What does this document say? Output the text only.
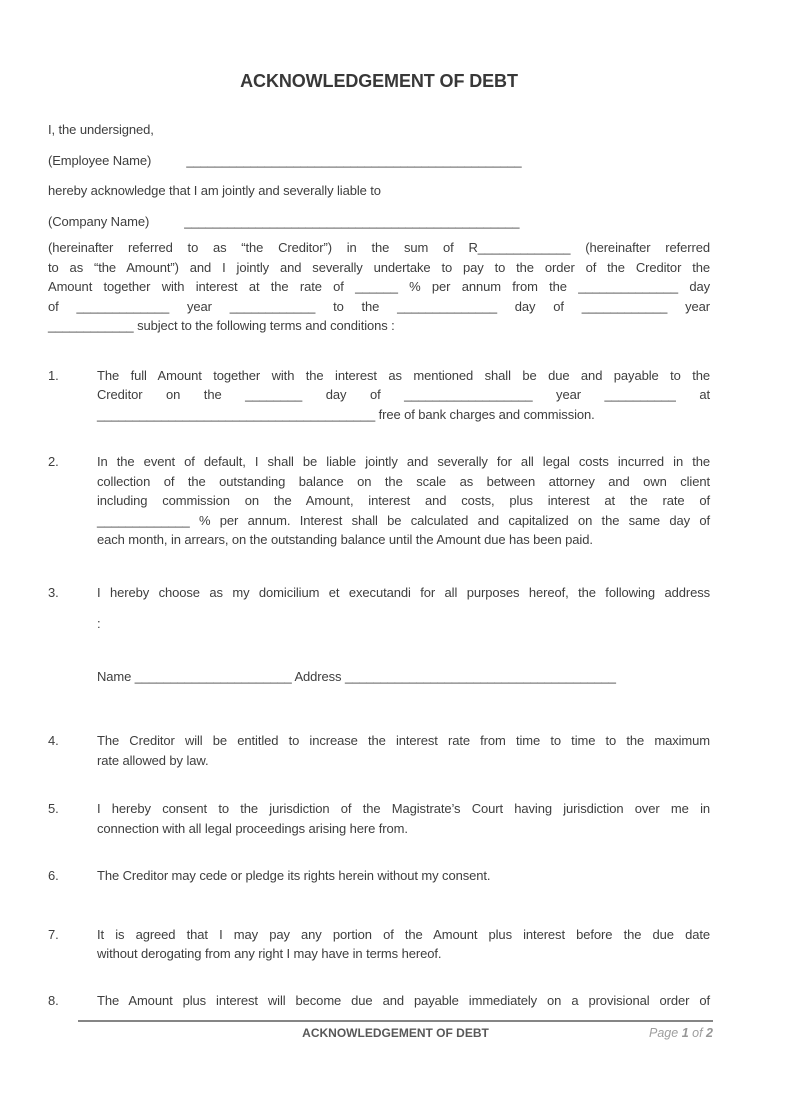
ACKNOWLEDGEMENT OF DEBT
I, the undersigned,
(Employee Name)          _______________________________________________
hereby acknowledge that I am jointly and severally liable to
(Company Name)          _______________________________________________
(hereinafter referred to as “the Creditor”) in the sum of R_____________ (hereinafter referred
to as “the Amount”) and I jointly and severally undertake to pay to the order of the Creditor the
Amount together with interest at the rate of ______ % per annum from the ______________ day
of _____________ year ____________ to the ______________ day of ____________ year
____________ subject to the following terms and conditions :
1.	The full Amount together with the interest as mentioned shall be due and payable to the
Creditor on the ________ day of __________________ year __________ at
_______________________________________ free of bank charges and commission.
2.	In the event of default, I shall be liable jointly and severally for all legal costs incurred in the
collection of the outstanding balance on the scale as between attorney and own client
including commission on the Amount, interest and costs, plus interest at the rate of
_____________ % per annum. Interest shall be calculated and capitalized on the same day of
each month, in arrears, on the outstanding balance until the Amount due has been paid.
3.	I hereby choose as my domicilium et executandi for all purposes hereof, the following address
:
Name ______________________ Address ______________________________________
4.	The Creditor will be entitled to increase the interest rate from time to time to the maximum
rate allowed by law.
5.	I hereby consent to the jurisdiction of the Magistrate’s Court having jurisdiction over me in
connection with all legal proceedings arising here from.
6.	The Creditor may cede or pledge its rights herein without my consent.
7.	It is agreed that I may pay any portion of the Amount plus interest before the due date
without derogating from any right I may have in terms hereof.
8.	The Amount plus interest will become due and payable immediately on a provisional order of
ACKNOWLEDGEMENT OF DEBT	Page 1 of 2
